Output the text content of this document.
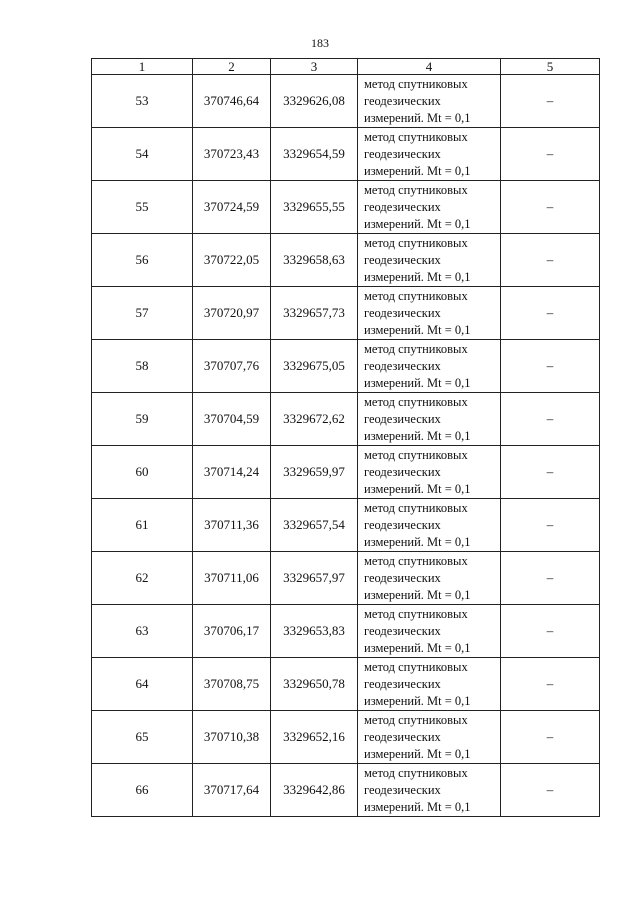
183
1	2	3	4	5
53	370746,64	3329626,08	метод спутниковых
геодезических
измерений. Mt = 0,1	–
54	370723,43	3329654,59	метод спутниковых
геодезических
измерений. Mt = 0,1	–
55	370724,59	3329655,55	метод спутниковых
геодезических
измерений. Mt = 0,1	–
56	370722,05	3329658,63	метод спутниковых
геодезических
измерений. Mt = 0,1	–
57	370720,97	3329657,73	метод спутниковых
геодезических
измерений. Mt = 0,1	–
58	370707,76	3329675,05	метод спутниковых
геодезических
измерений. Mt = 0,1	–
59	370704,59	3329672,62	метод спутниковых
геодезических
измерений. Mt = 0,1	–
60	370714,24	3329659,97	метод спутниковых
геодезических
измерений. Mt = 0,1	–
61	370711,36	3329657,54	метод спутниковых
геодезических
измерений. Mt = 0,1	–
62	370711,06	3329657,97	метод спутниковых
геодезических
измерений. Mt = 0,1	–
63	370706,17	3329653,83	метод спутниковых
геодезических
измерений. Mt = 0,1	–
64	370708,75	3329650,78	метод спутниковых
геодезических
измерений. Mt = 0,1	–
65	370710,38	3329652,16	метод спутниковых
геодезических
измерений. Mt = 0,1	–
66	370717,64	3329642,86	метод спутниковых
геодезических
измерений. Mt = 0,1	–
